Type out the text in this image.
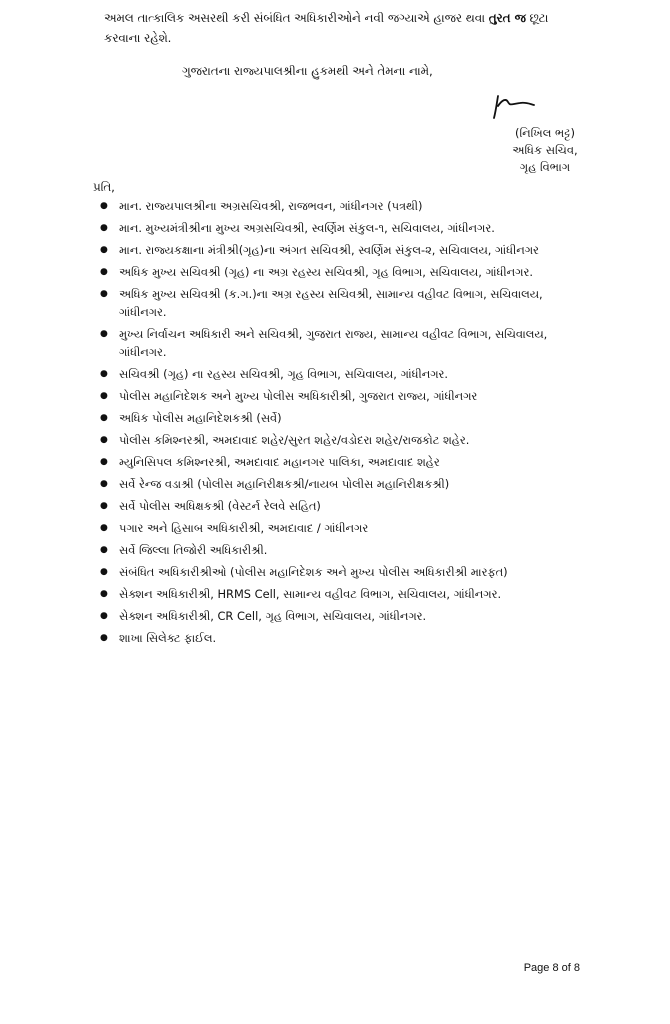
અમલ તાત્કાલિક અસરથી કરી સંબંધિત અધિકારીઓને નવી જગ્યાએ હાજર થવા તુરત જ છૂટા કરવાના રહેશે.
ગુજરાતના રાજ્યપાલશ્રીના હુકમથી અને તેમના નામે,
(નિખિલ ભટ્ટ)
અધિક સચિવ,
ગૃહ વિભાગ
પ્રતિ,
● માન. રાજ્યપાલશ્રીના અગ્રસચિવશ્રી, રાજભવન, ગાંધીનગર (પત્રથી)
● માન. મુખ્યમંત્રીશ્રીના મુખ્ય અગ્રસચિવશ્રી, સ્વર્ણિમ સંકુલ-૧, સચિવાલય, ગાંધીનગર.
● માન. રાજ્યકક્ષાના મંત્રીશ્રી(ગૃહ)ના અંગત સચિવશ્રી, સ્વર્ણિમ સંકુલ-૨, સચિવાલય, ગાંધીનગર
● અધિક મુખ્ય સચિવશ્રી (ગૃહ) ના અગ્ર રહસ્ય સચિવશ્રી, ગૃહ વિભાગ, સચિવાલય, ગાંધીનગર.
● અધિક મુખ્ય સચિવશ્રી (ક.ગ.)ના અગ્ર રહસ્ય સચિવશ્રી, સામાન્ય વહીવટ વિભાગ, સચિવાલય, ગાંધીનગર.
● મુખ્ય નિર્વાચન અધિકારી અને સચિવશ્રી, ગુજરાત રાજ્ય, સામાન્ય વહીવટ વિભાગ, સચિવાલય, ગાંધીનગર.
● સચિવશ્રી (ગૃહ) ના રહસ્ય સચિવશ્રી, ગૃહ વિભાગ, સચિવાલય, ગાંધીનગર.
● પોલીસ મહાનિદેશક અને મુખ્ય પોલીસ અધિકારીશ્રી, ગુજરાત રાજ્ય, ગાંધીનગર
● અધિક પોલીસ મહાનિદેશકશ્રી (સર્વે)
● પોલીસ કમિશ્નરશ્રી, અમદાવાદ શહેર/સુરત શહેર/વડોદરા શહેર/રાજકોટ શહેર.
● મ્યુનિસિપલ કમિશ્નરશ્રી, અમદાવાદ મહાનગર પાલિકા, અમદાવાદ શહેર
● સર્વે રેન્જ વડાશ્રી (પોલીસ મહાનિરીક્ષકશ્રી/નાયબ પોલીસ મહાનિરીક્ષકશ્રી)
● સર્વે પોલીસ અધિક્ષકશ્રી (વેસ્ટર્ન રેલવે સહિત)
● પગાર અને હિસાબ અધિકારીશ્રી, અમદાવાદ / ગાંધીનગર
● સર્વે જિલ્લા તિજોરી અધિકારીશ્રી.
● સંબંધિત અધિકારીશ્રીઓ (પોલીસ મહાનિદેશક અને મુખ્ય પોલીસ અધિકારીશ્રી મારફત)
● સેક્શન અધિકારીશ્રી, HRMS Cell, સામાન્ય વહીવટ વિભાગ, સચિવાલય, ગાંધીનગર.
● સેક્શન અધિકારીશ્રી, CR Cell, ગૃહ વિભાગ, સચિવાલય, ગાંધીનગર.
● શાખા સિલેક્ટ ફાઈલ.
Page 8 of 8
